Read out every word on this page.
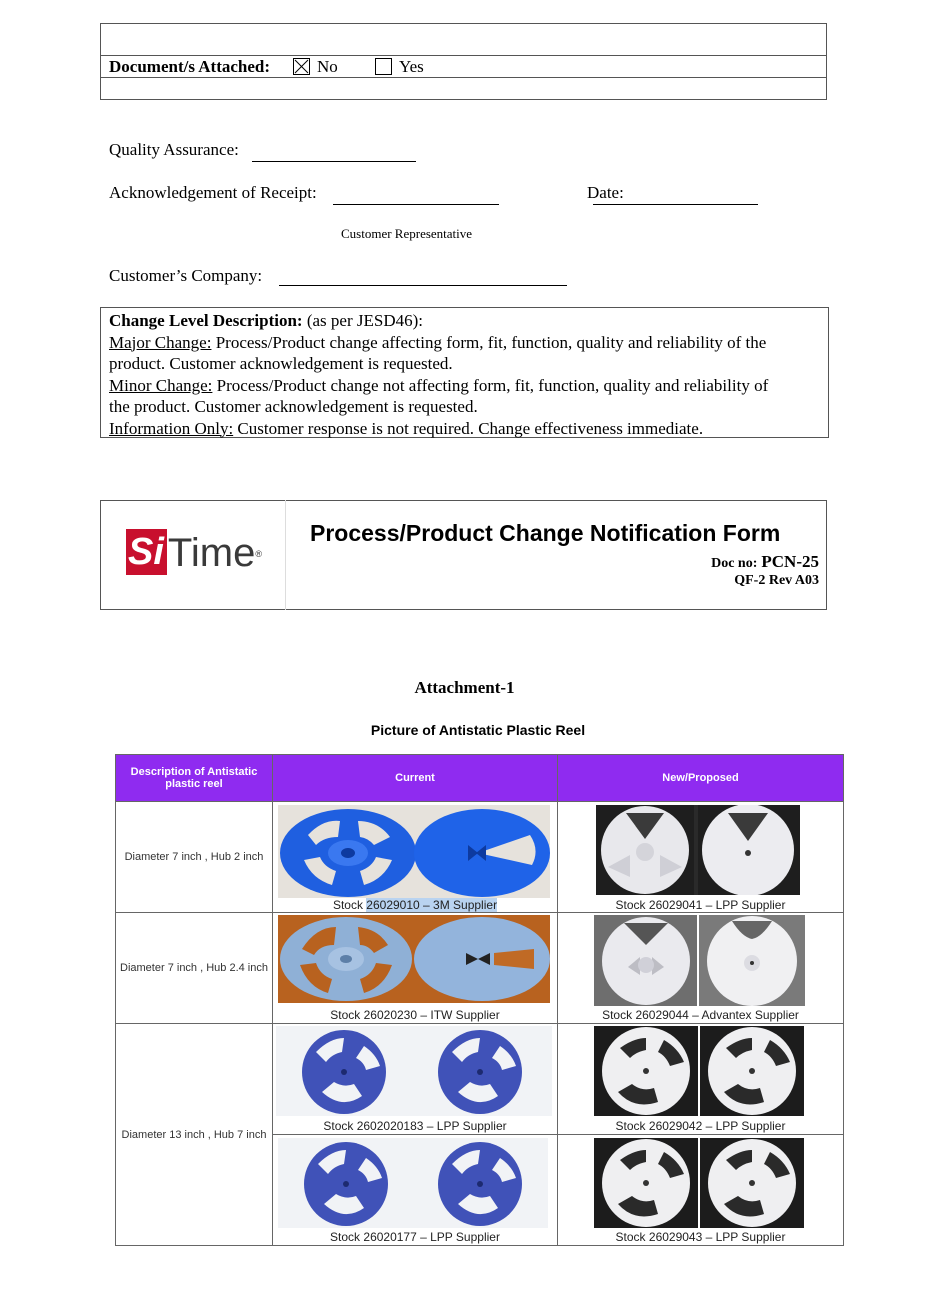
Document/s Attached:	No	Yes
Quality Assurance:
Acknowledgement of Receipt:	Date:
Customer Representative
Customer’s Company:
Change Level Description: (as per JESD46):
Major Change: Process/Product change affecting form, fit, function, quality and reliability of the
product. Customer acknowledgement is requested.
Minor Change: Process/Product change not affecting form, fit, function, quality and reliability of
the product. Customer acknowledgement is requested.
Information Only: Customer response is not required. Change effectiveness immediate.
Si Time®
Process/Product Change Notification Form
Doc no: PCN-25
QF-2 Rev A03
Attachment-1
Picture of Antistatic Plastic Reel
Description of Antistatic plastic reel	Current	New/Proposed
Diameter 7 inch , Hub 2 inch	Stock 26029010 – 3M Supplier	Stock 26029041 – LPP Supplier

Diameter 7 inch , Hub 2.4 inch	Stock 26020230 – ITW Supplier	Stock 26029044 – Advantex Supplier

Diameter 13 inch , Hub 7 inch	Stock 2602020183 – LPP Supplier	Stock 26029042 – LPP Supplier

	Stock 26020177 – LPP Supplier	Stock 26029043 – LPP Supplier
